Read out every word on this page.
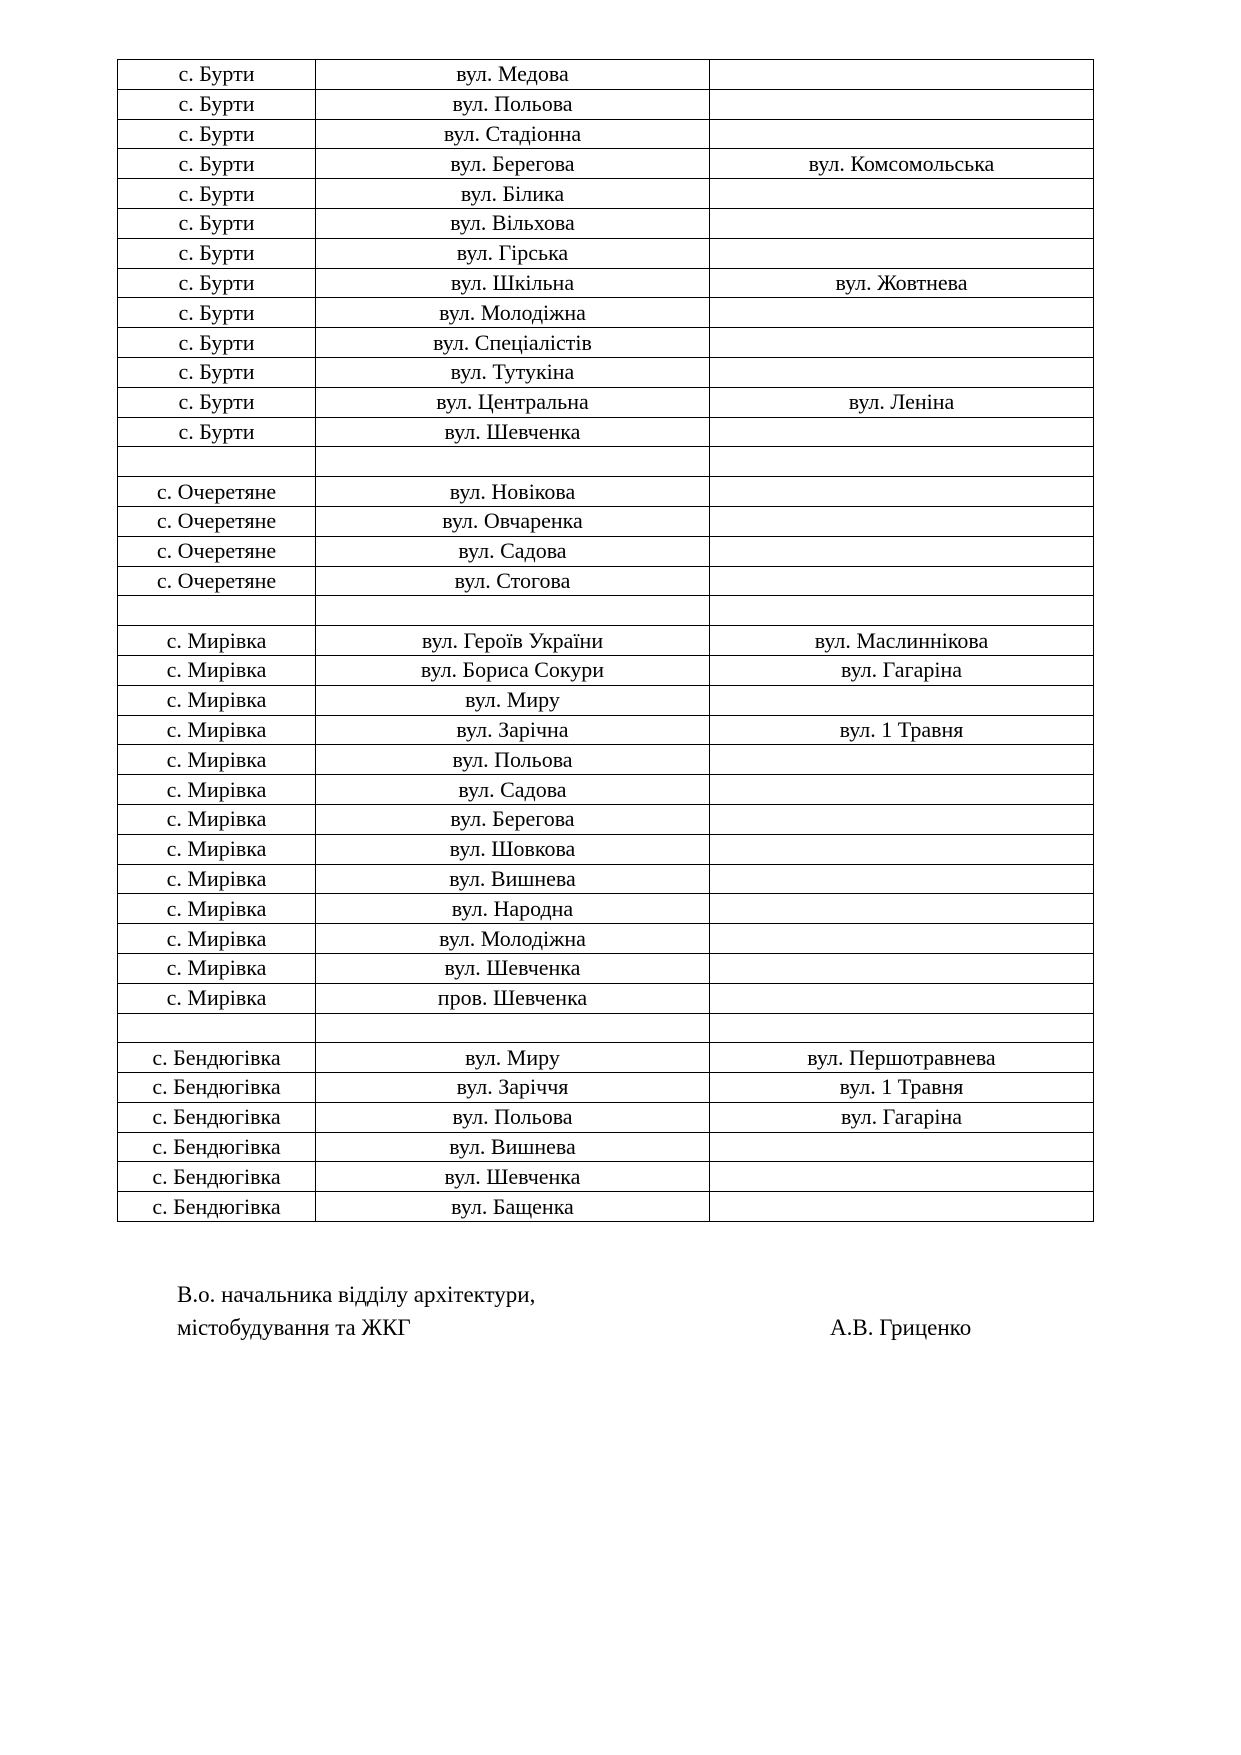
с. Бурти	вул. Медова	
с. Бурти	вул. Польова	
с. Бурти	вул. Стадіонна	
с. Бурти	вул. Берегова	вул. Комсомольська
с. Бурти	вул. Білика	
с. Бурти	вул. Вільхова	
с. Бурти	вул. Гірська	
с. Бурти	вул. Шкільна	вул. Жовтнева
с. Бурти	вул. Молодіжна	
с. Бурти	вул. Спеціалістів	
с. Бурти	вул. Тутукіна	
с. Бурти	вул. Центральна	вул. Леніна
с. Бурти	вул. Шевченка	

с. Очеретяне	вул. Новікова	
с. Очеретяне	вул. Овчаренка	
с. Очеретяне	вул. Садова	
с. Очеретяне	вул. Стогова	

с. Мирівка	вул. Героїв України	вул. Маслиннікова
с. Мирівка	вул. Бориса Сокури	вул. Гагаріна
с. Мирівка	вул. Миру	
с. Мирівка	вул. Зарічна	вул. 1 Травня
с. Мирівка	вул. Польова	
с. Мирівка	вул. Садова	
с. Мирівка	вул. Берегова	
с. Мирівка	вул. Шовкова	
с. Мирівка	вул. Вишнева	
с. Мирівка	вул. Народна	
с. Мирівка	вул. Молодіжна	
с. Мирівка	вул. Шевченка	
с. Мирівка	пров. Шевченка	

с. Бендюгівка	вул. Миру	вул. Першотравнева
с. Бендюгівка	вул. Заріччя	вул. 1 Травня
с. Бендюгівка	вул. Польова	вул. Гагаріна
с. Бендюгівка	вул. Вишнева	
с. Бендюгівка	вул. Шевченка	
с. Бендюгівка	вул. Бащенка	
В.о. начальника відділу архітектури,
містобудування та ЖКГ	А.В. Гриценко
